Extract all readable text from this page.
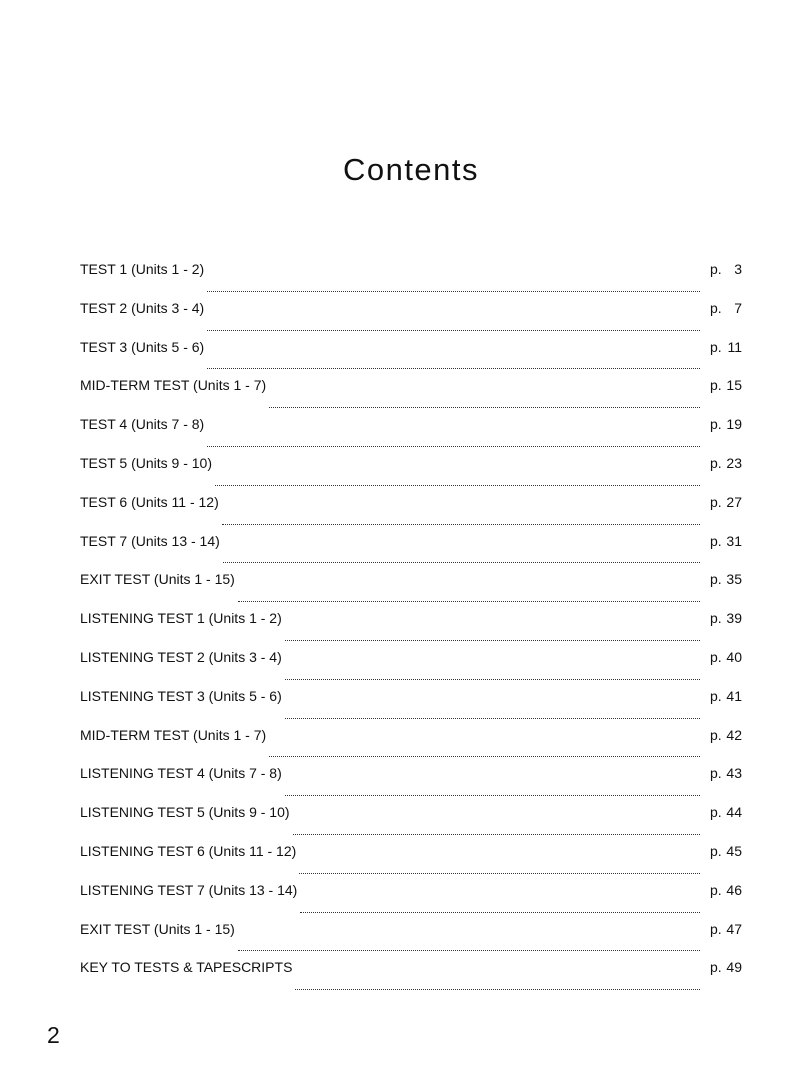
Contents
TEST 1 (Units 1 - 2)	p. 3
TEST 2 (Units 3 - 4)	p. 7
TEST 3 (Units 5 - 6)	p. 11
MID-TERM TEST (Units 1 - 7)	p. 15
TEST 4 (Units 7 - 8)	p. 19
TEST 5 (Units 9 - 10)	p. 23
TEST 6 (Units 11 - 12)	p. 27
TEST 7 (Units 13 - 14)	p. 31
EXIT TEST (Units 1 - 15)	p. 35
LISTENING TEST 1 (Units 1 - 2)	p. 39
LISTENING TEST 2 (Units 3 - 4)	p. 40
LISTENING TEST 3 (Units 5 - 6)	p. 41
MID-TERM TEST (Units 1 - 7)	p. 42
LISTENING TEST 4 (Units 7 - 8)	p. 43
LISTENING TEST 5 (Units 9 - 10)	p. 44
LISTENING TEST 6 (Units 11 - 12)	p. 45
LISTENING TEST 7 (Units 13 - 14)	p. 46
EXIT TEST (Units 1 - 15)	p. 47
KEY TO TESTS & TAPESCRIPTS	p. 49

2
